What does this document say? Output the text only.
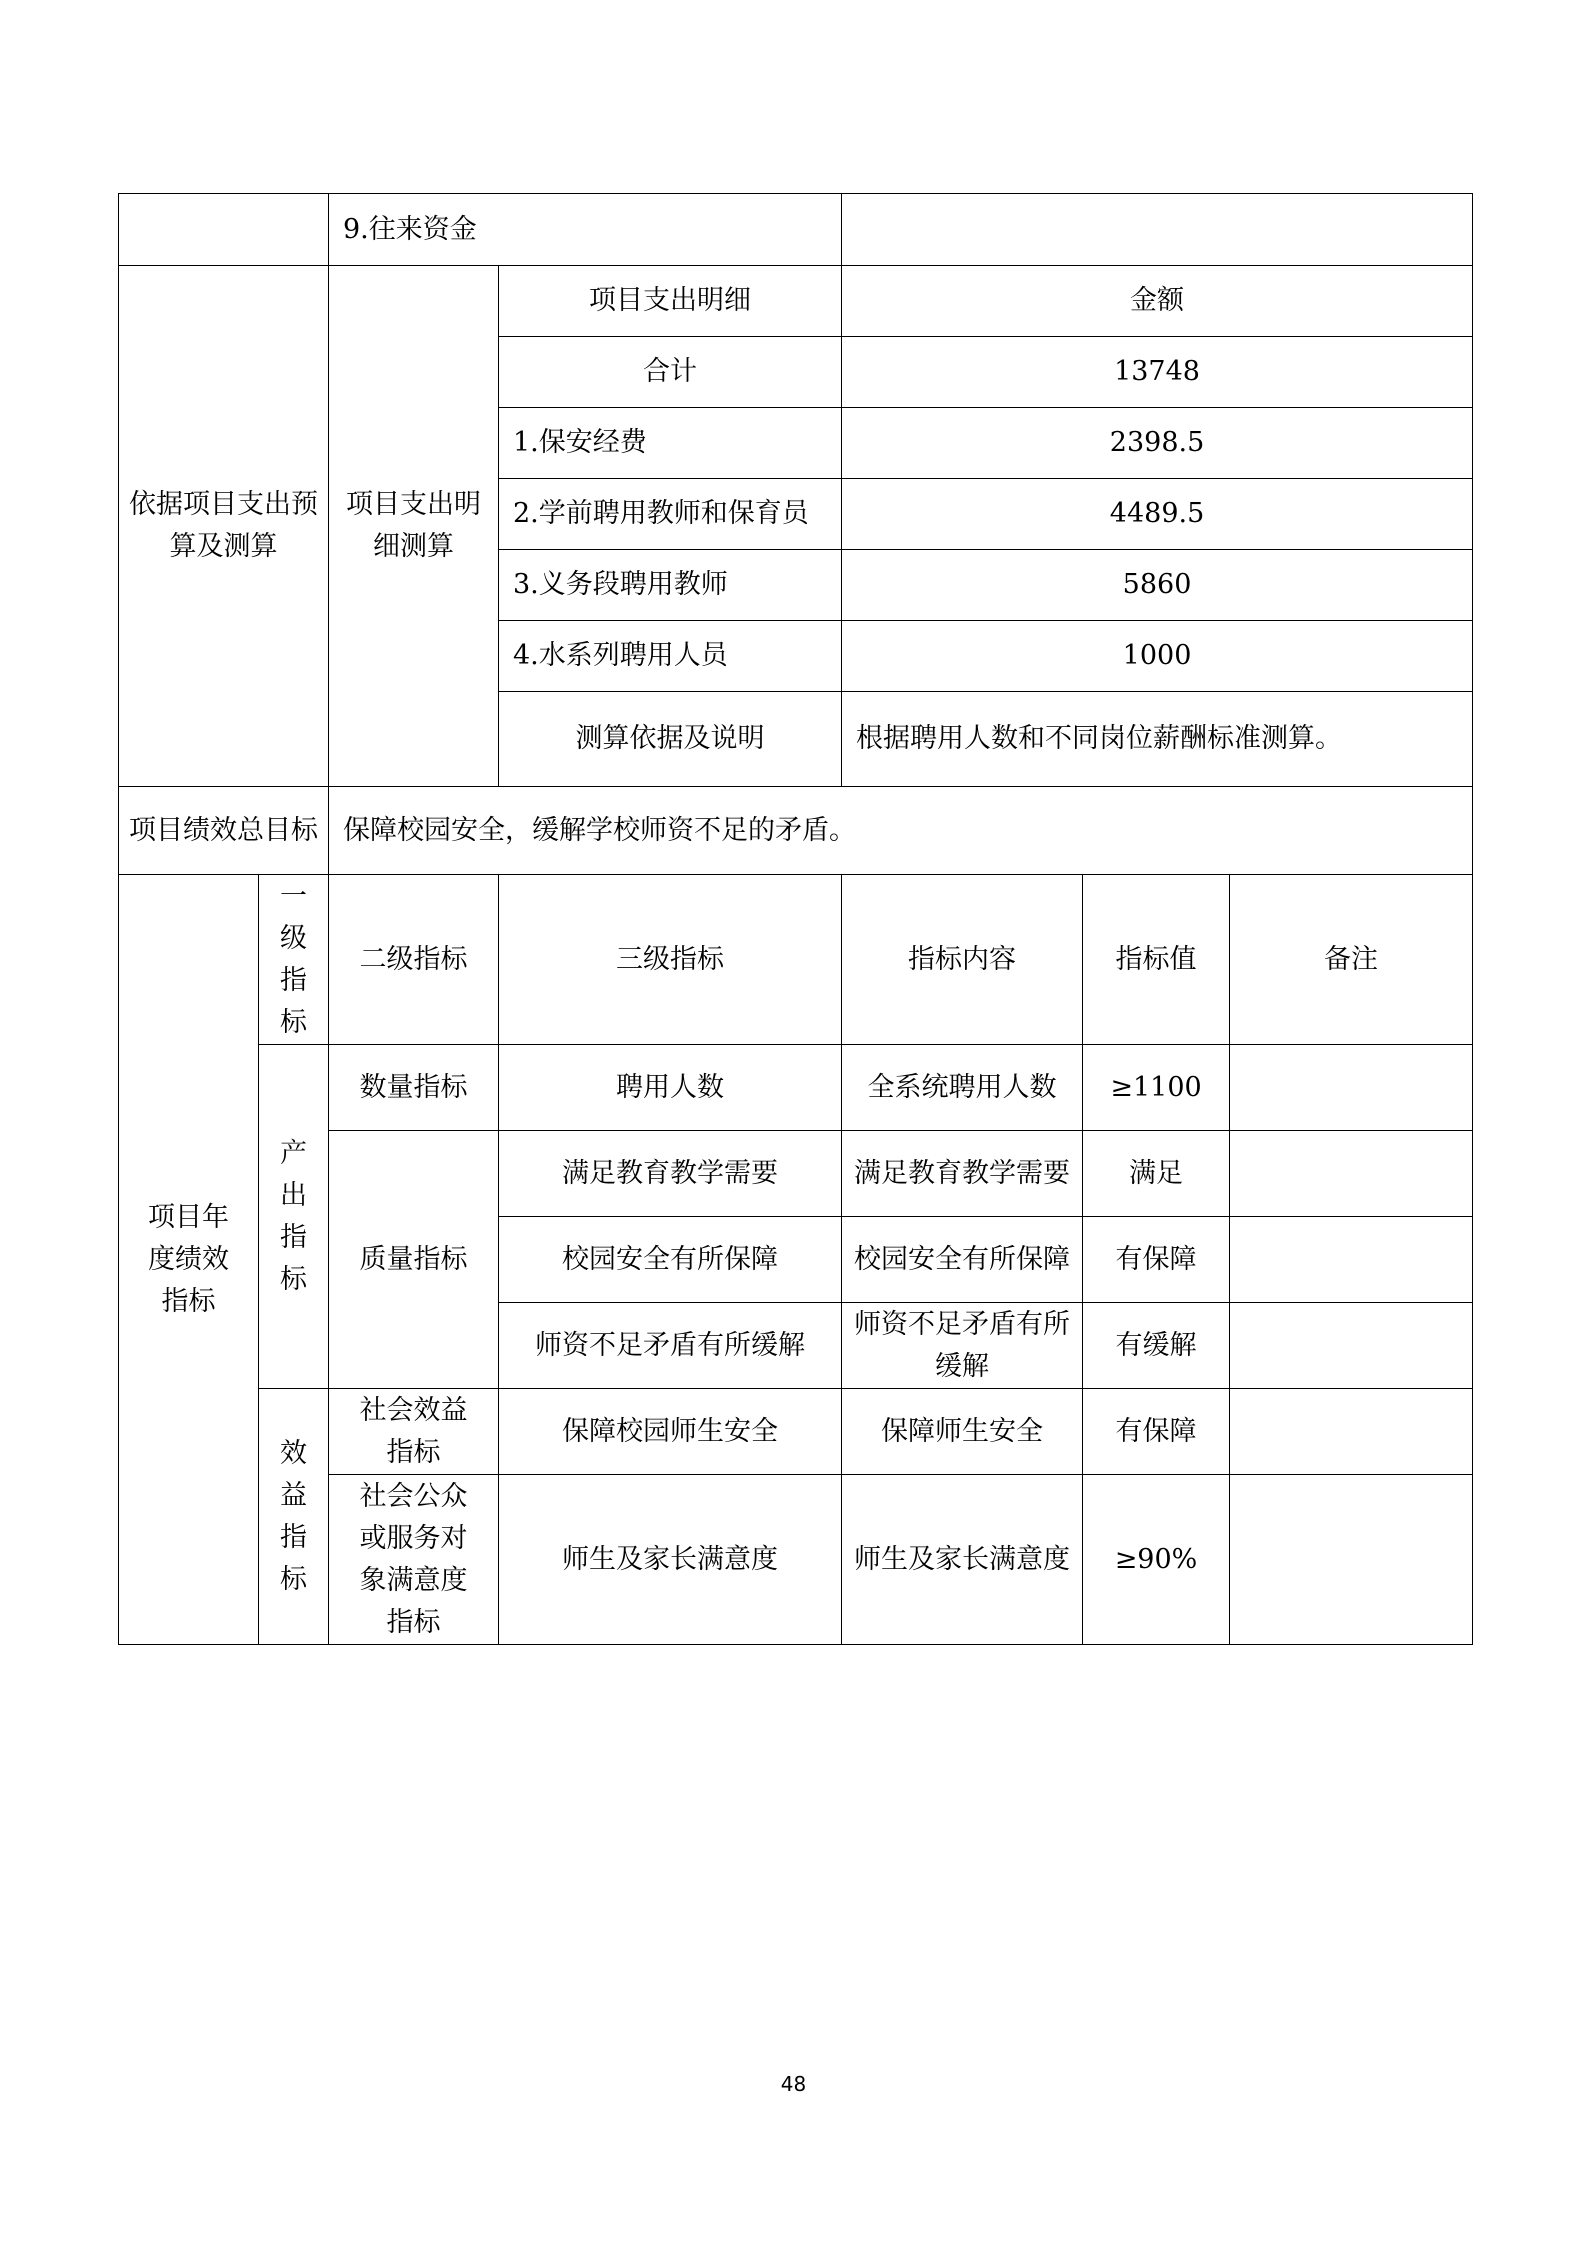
		9.往来资金				
依据项目支出预算及测算		项目支出明细测算	项目支出明细	金额		
			合计	13748		
			1.保安经费	2398.5		
			2.学前聘用教师和保育员	4489.5		
			3.义务段聘用教师	5860		
			4.水系列聘用人员	1000		
			测算依据及说明	根据聘用人数和不同岗位薪酬标准测算。		
项目绩效总目标		保障校园安全，缓解学校师资不足的矛盾。				

项目年度绩效指标	一级指标	二级指标	三级指标	指标内容	指标值	备注

	产出指标	数量指标	聘用人数	全系统聘用人数	≥1100	
		质量指标	满足教育教学需要	满足教育教学需要	满足	
			校园安全有所保障	校园安全有所保障	有保障	
			师资不足矛盾有所缓解	师资不足矛盾有所缓解	有缓解	

	效益指标	社会效益指标	保障校园师生安全	保障师生安全	有保障	

		社会公众或服务对象满意度指标	师生及家长满意度	师生及家长满意度	≥90%	
48
